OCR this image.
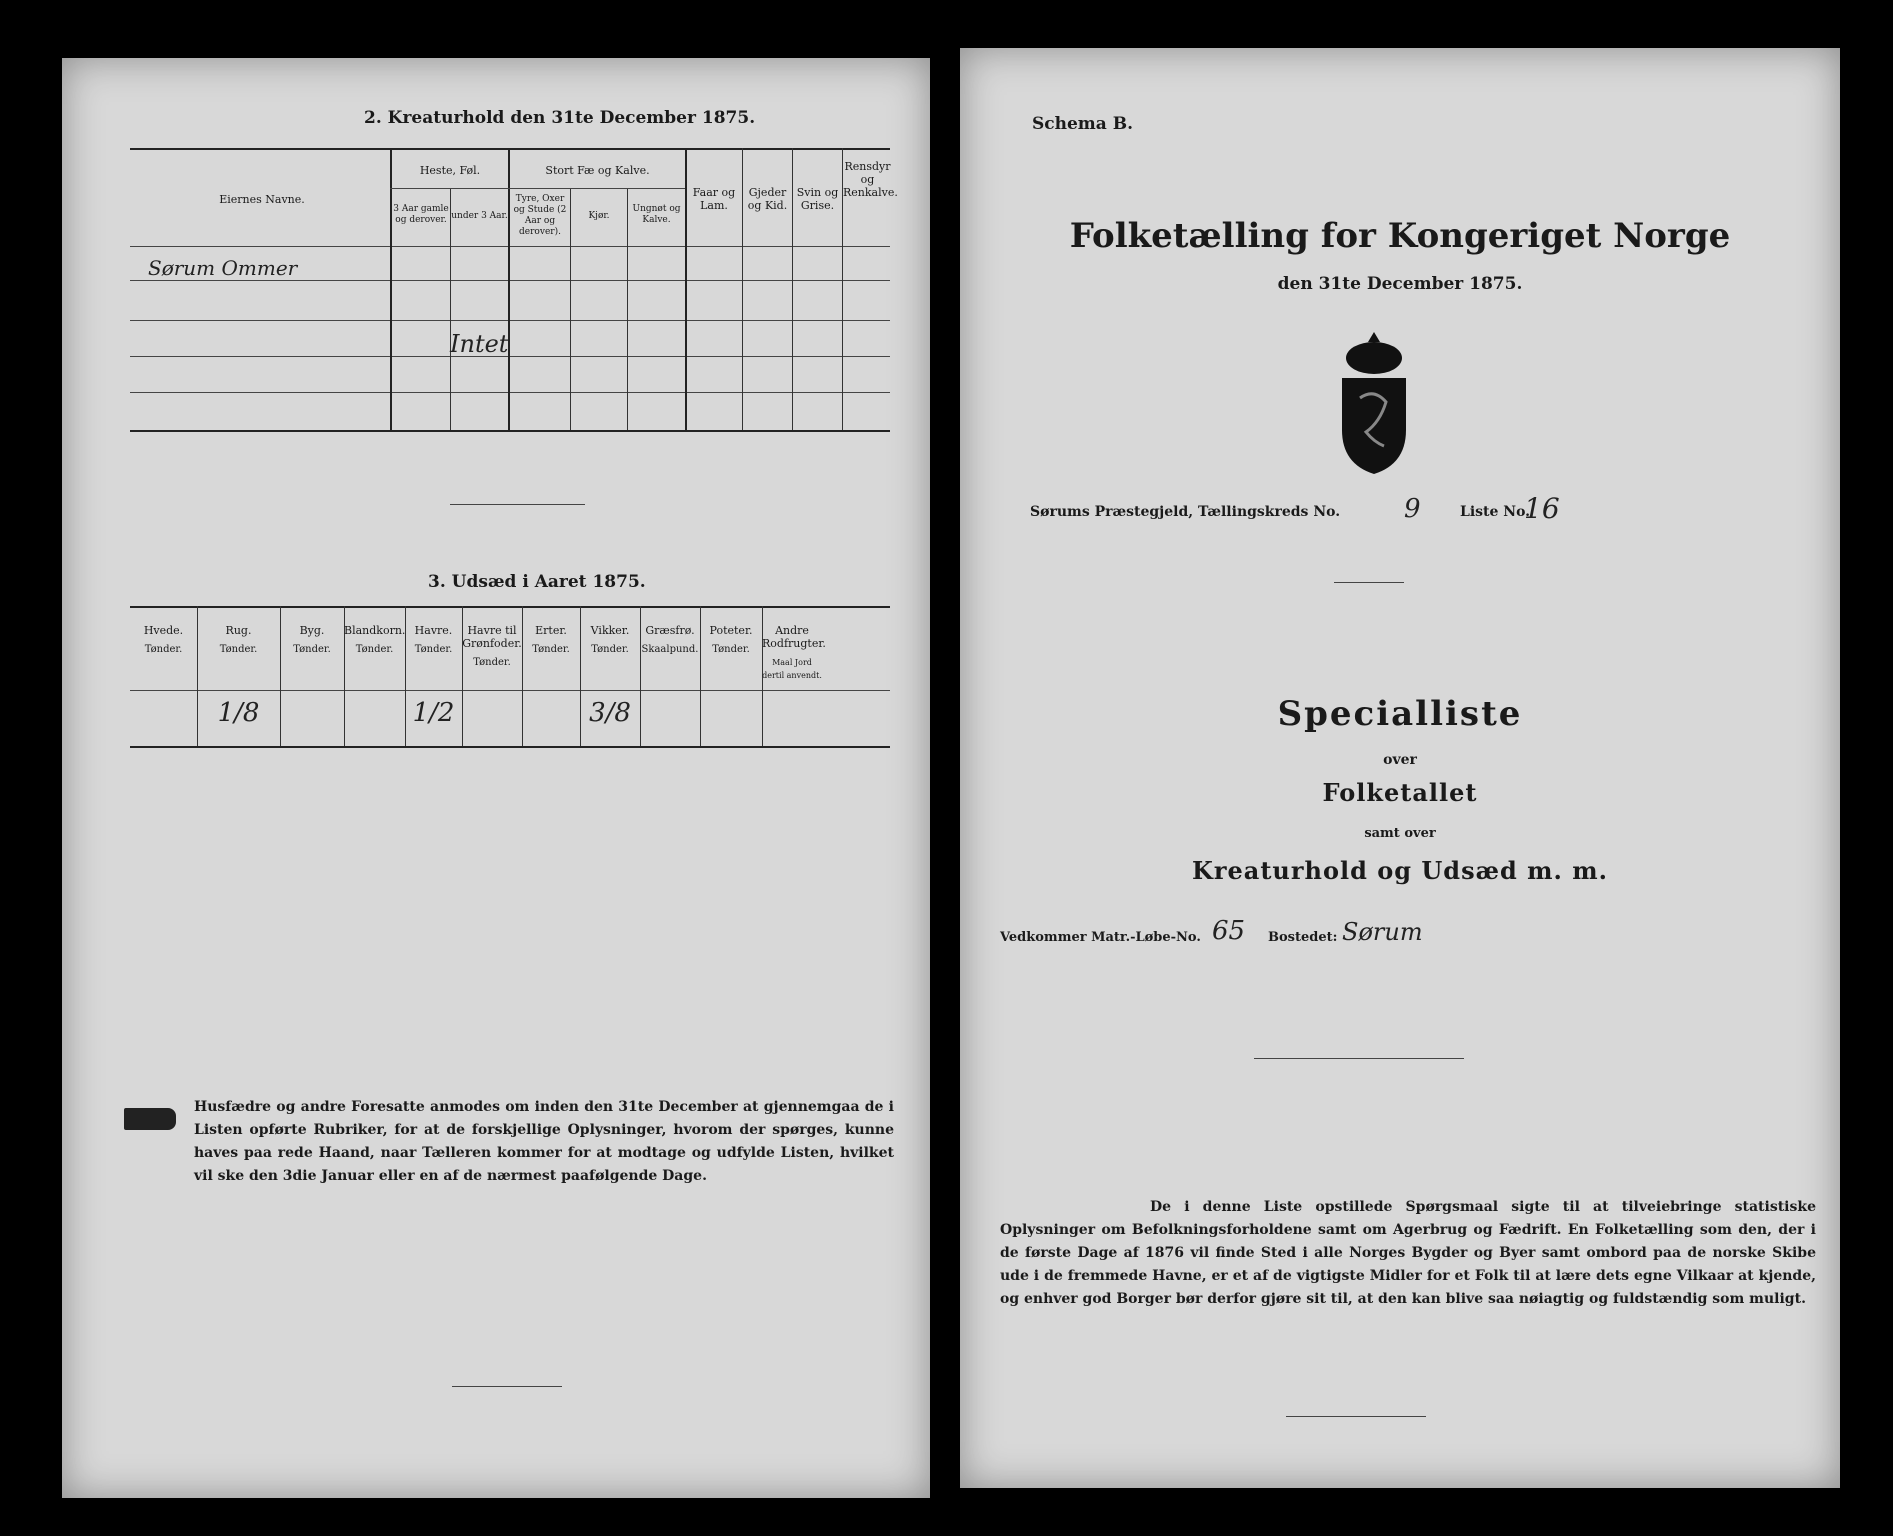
2. Kreaturhold den 31te December 1875.
Eiernes Navne.
Heste, Føl.
3 Aar gamle og derover. under 3 Aar.
Stort Fæ og Kalve.
Tyre, Oxer og Stude (2 Aar og derover).
Kjør.
Ungnøt og Kalve.
Faar og Lam.
Gjeder og Kid.
Svin og Grise.
Rensdyr og Renkalve.
Sørum Ommer
Intet
3. Udsæd i Aaret 1875.
Husfædre og andre Foresatte anmodes om inden den 31te December at gjennemgaa de i Listen opførte Rubriker, for at de forskjellige Oplysninger, hvorom der spørges, kunne haves paa rede Haand, naar Tælleren kommer for at modtage og udfylde Listen, hvilket vil ske den 3die Januar eller en af de nærmest paafølgende Dage.
Hvede.
Tønder.
Rug.
Tønder.
1/8
Byg.
Tønder.
Blandkorn.
Tønder.
Havre.
Tønder.
1/2
Havre til Grønfoder.
Tønder.
Erter.
Tønder.
Vikker.
Tønder.
3/8
Græsfrø.
Skaalpund.
Poteter.
Tønder.
Andre Rodfrugter.
Maal Jord dertil anvendt.
Schema B.
Folketælling for Kongeriget Norge
den 31te December 1875.
Sørums Præstegjeld, Tællingskreds No. 9	Liste No.
16
Specialliste
over
Folketallet
samt over
Kreaturhold og Udsæd m. m.
Vedkommer Matr.-Løbe-No. 65 Bostedet: Sørum
De i denne Liste opstillede Spørgsmaal sigte til at tilveiebringe statistiske Oplysninger om Befolkningsforholdene samt om Agerbrug og Fædrift. En Folketælling som den, der i de første Dage af 1876 vil finde Sted i alle Norges Bygder og Byer samt ombord paa de norske Skibe ude i de fremmede Havne, er et af de vigtigste Midler for et Folk til at lære dets egne Vilkaar at kjende, og enhver god Borger bør derfor gjøre sit til, at den kan blive saa nøiagtig og fuldstændig som muligt.
